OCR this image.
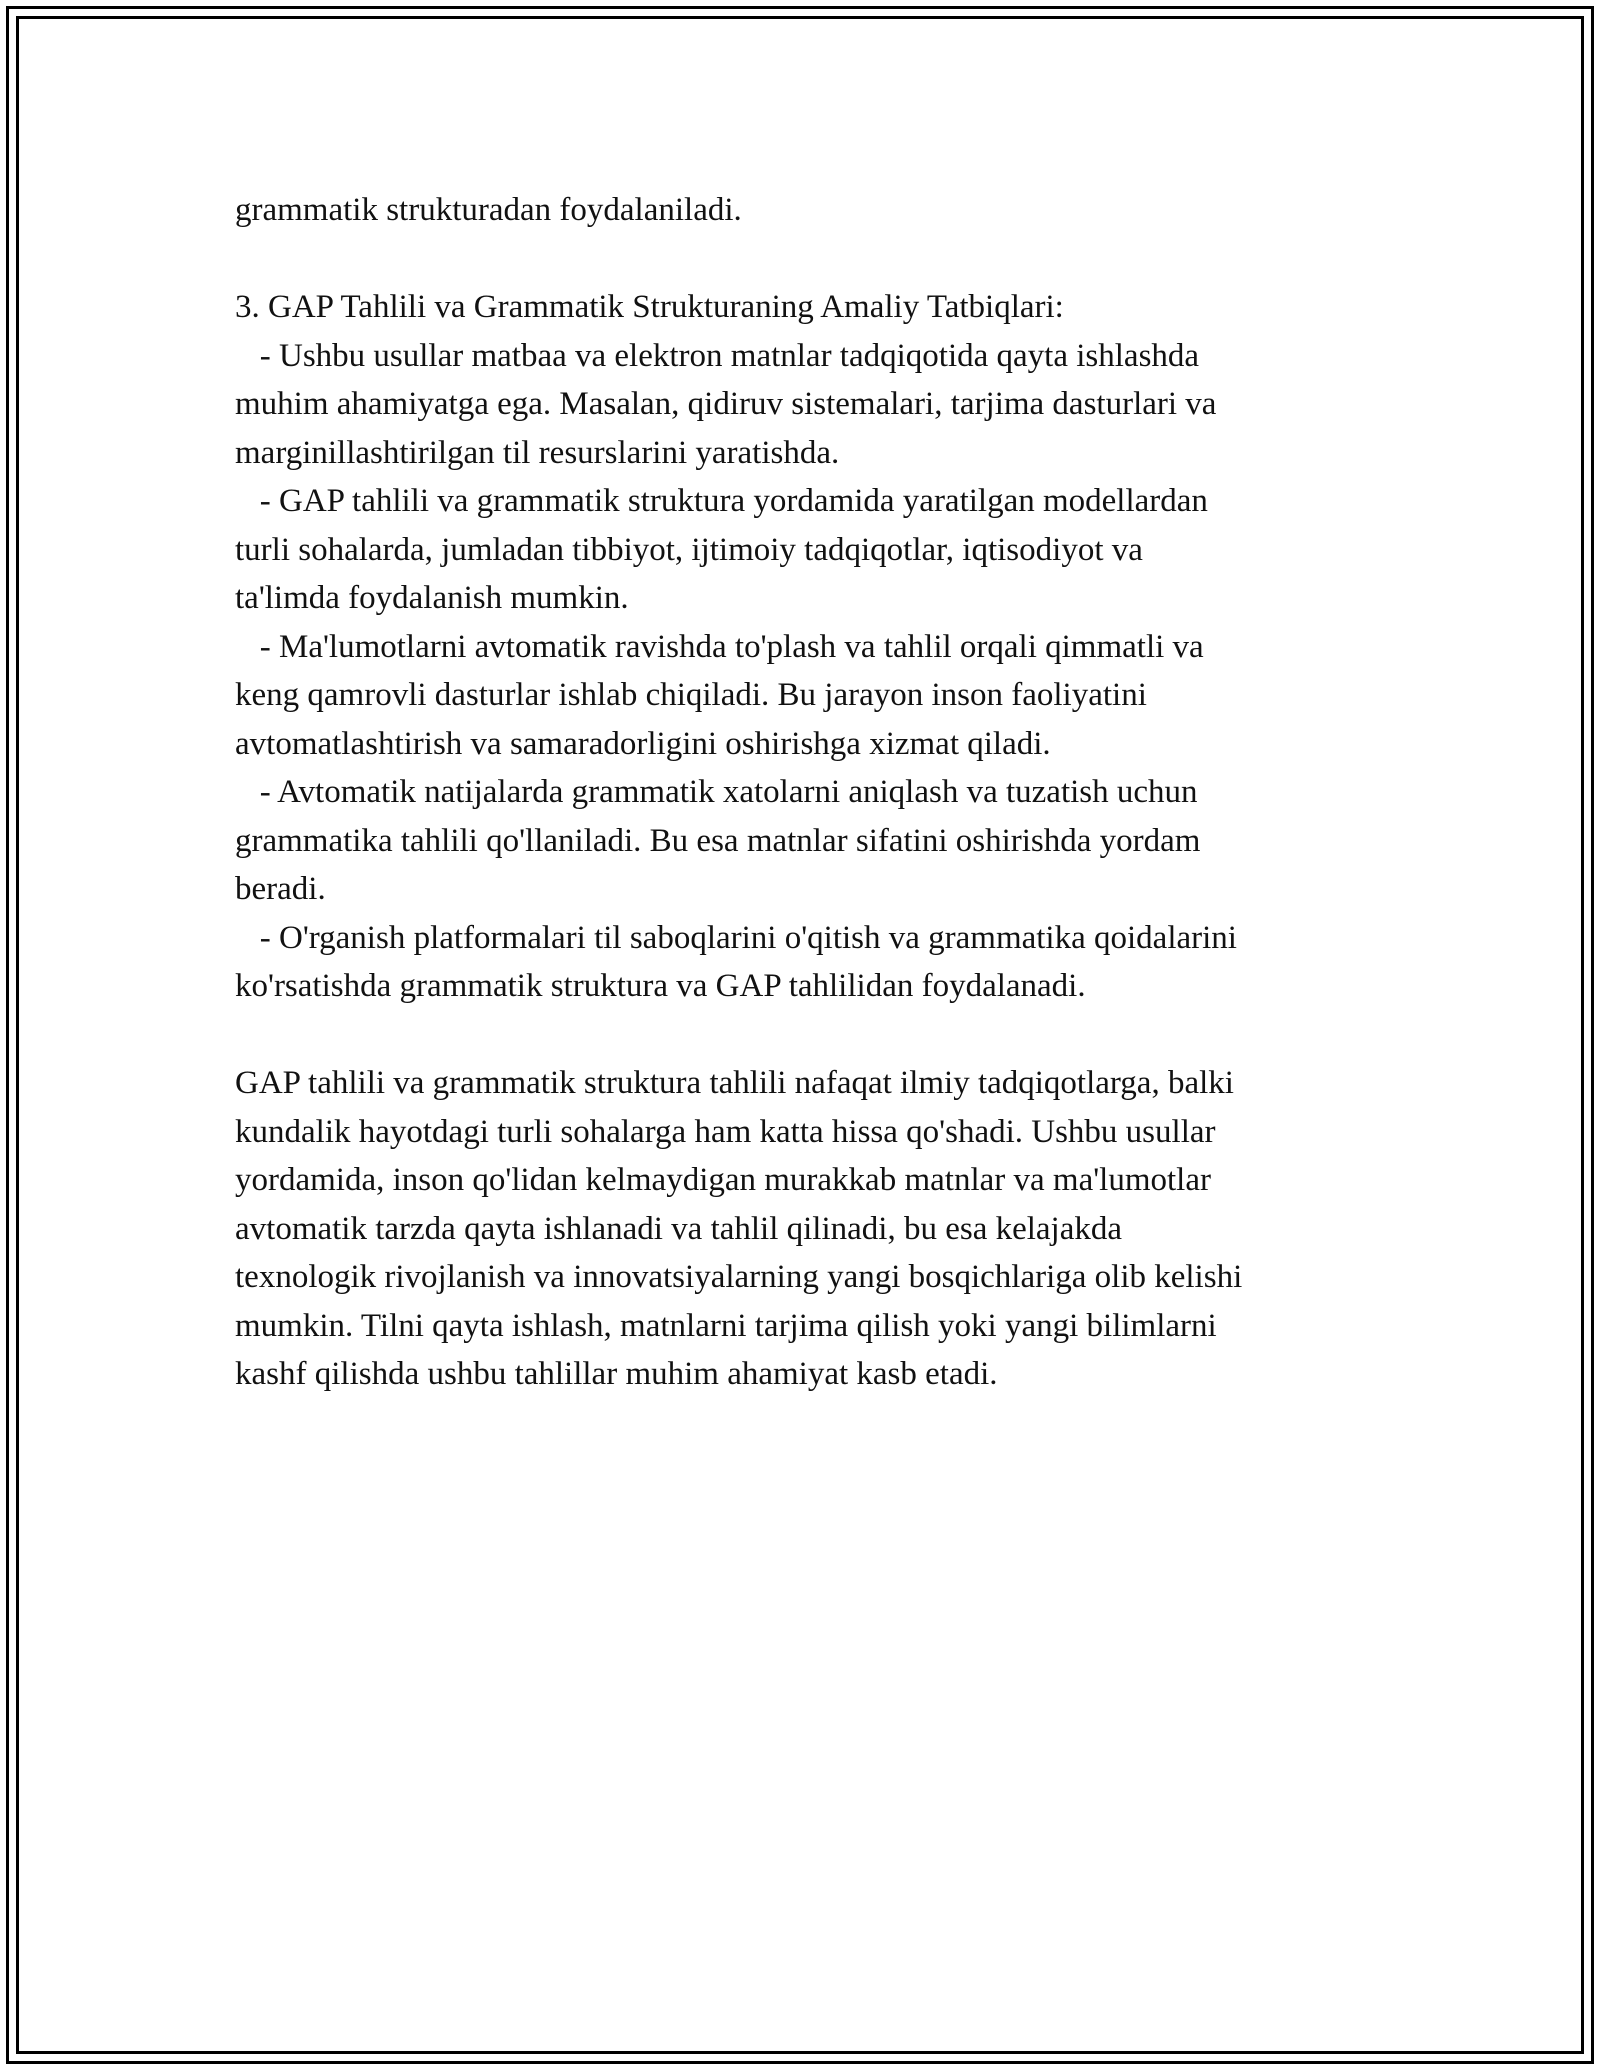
grammatik strukturadan foydalaniladi.
3. GAP Tahlili va Grammatik Strukturaning Amaliy Tatbiqlari:
- Ushbu usullar matbaa va elektron matnlar tadqiqotida qayta ishlashda
muhim ahamiyatga ega. Masalan, qidiruv sistemalari, tarjima dasturlari va
marginillashtirilgan til resurslarini yaratishda.
- GAP tahlili va grammatik struktura yordamida yaratilgan modellardan
turli sohalarda, jumladan tibbiyot, ijtimoiy tadqiqotlar, iqtisodiyot va
ta'limda foydalanish mumkin.
- Ma'lumotlarni avtomatik ravishda to'plash va tahlil orqali qimmatli va
keng qamrovli dasturlar ishlab chiqiladi. Bu jarayon inson faoliyatini
avtomatlashtirish va samaradorligini oshirishga xizmat qiladi.
- Avtomatik natijalarda grammatik xatolarni aniqlash va tuzatish uchun
grammatika tahlili qo'llaniladi. Bu esa matnlar sifatini oshirishda yordam
beradi.
- O'rganish platformalari til saboqlarini o'qitish va grammatika qoidalarini
ko'rsatishda grammatik struktura va GAP tahlilidan foydalanadi.
GAP tahlili va grammatik struktura tahlili nafaqat ilmiy tadqiqotlarga, balki
kundalik hayotdagi turli sohalarga ham katta hissa qo'shadi. Ushbu usullar
yordamida, inson qo'lidan kelmaydigan murakkab matnlar va ma'lumotlar
avtomatik tarzda qayta ishlanadi va tahlil qilinadi, bu esa kelajakda
texnologik rivojlanish va innovatsiyalarning yangi bosqichlariga olib kelishi
mumkin. Tilni qayta ishlash, matnlarni tarjima qilish yoki yangi bilimlarni
kashf qilishda ushbu tahlillar muhim ahamiyat kasb etadi.
